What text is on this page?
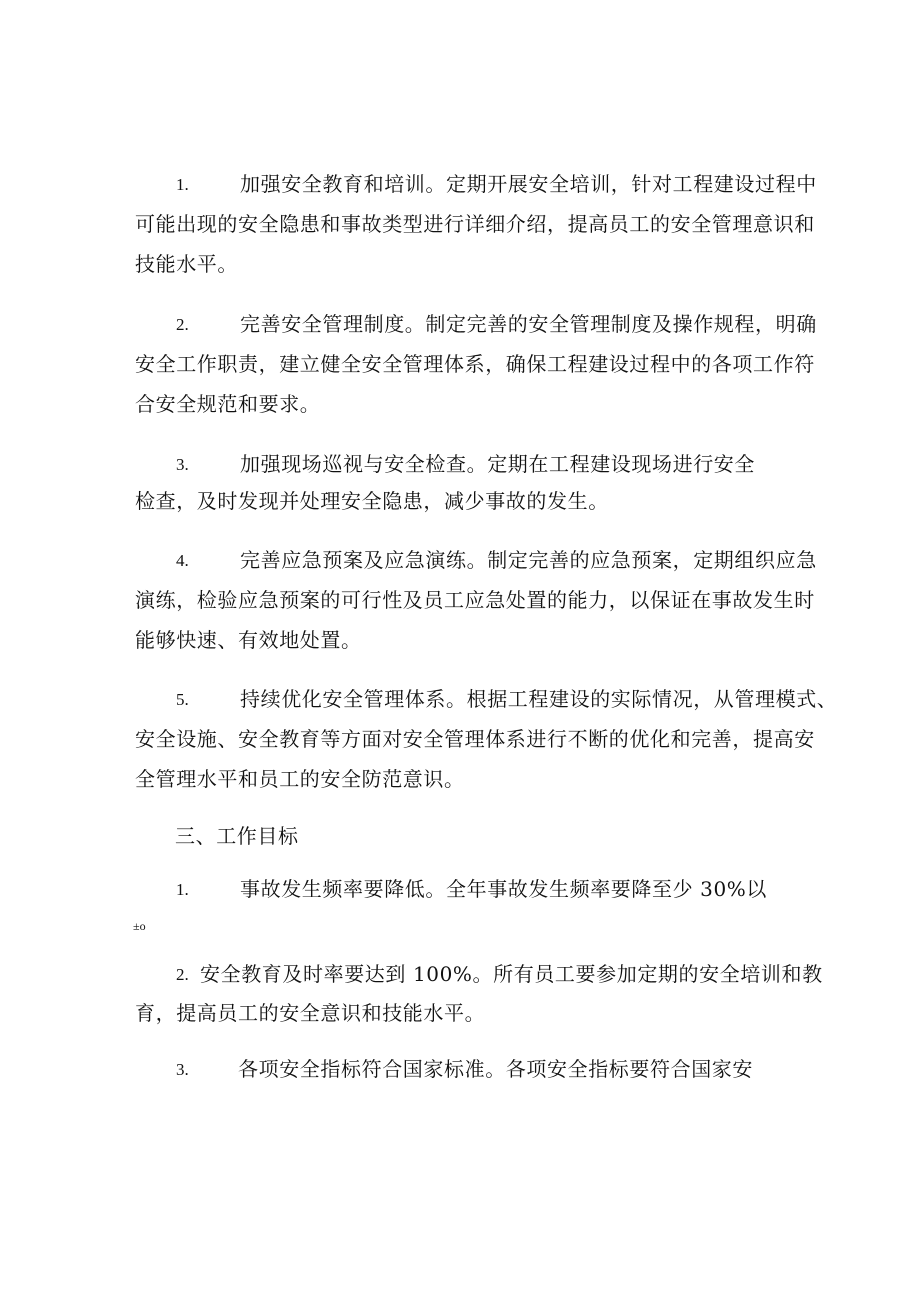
1.	加强安全教育和培训。定期开展安全培训，针对工程建设过程中
可能出现的安全隐患和事故类型进行详细介绍，提高员工的安全管理意识和
技能水平。
2.	完善安全管理制度。制定完善的安全管理制度及操作规程，明确
安全工作职责，建立健全安全管理体系，确保工程建设过程中的各项工作符
合安全规范和要求。
3.	加强现场巡视与安全检查。定期在工程建设现场进行安全
检查，及时发现并处理安全隐患，减少事故的发生。
4.	完善应急预案及应急演练。制定完善的应急预案，定期组织应急
演练，检验应急预案的可行性及员工应急处置的能力，以保证在事故发生时
能够快速、有效地处置。
5.	持续优化安全管理体系。根据工程建设的实际情况，从管理模式、
安全设施、安全教育等方面对安全管理体系进行不断的优化和完善，提高安
全管理水平和员工的安全防范意识。
三、工作目标
1.	事故发生频率要降低。全年事故发生频率要降至少 30%以
±o
2. 安全教育及时率要达到 100%。所有员工要参加定期的安全培训和教
育，提高员工的安全意识和技能水平。
3. 各项安全指标符合国家标准。各项安全指标要符合国家安
